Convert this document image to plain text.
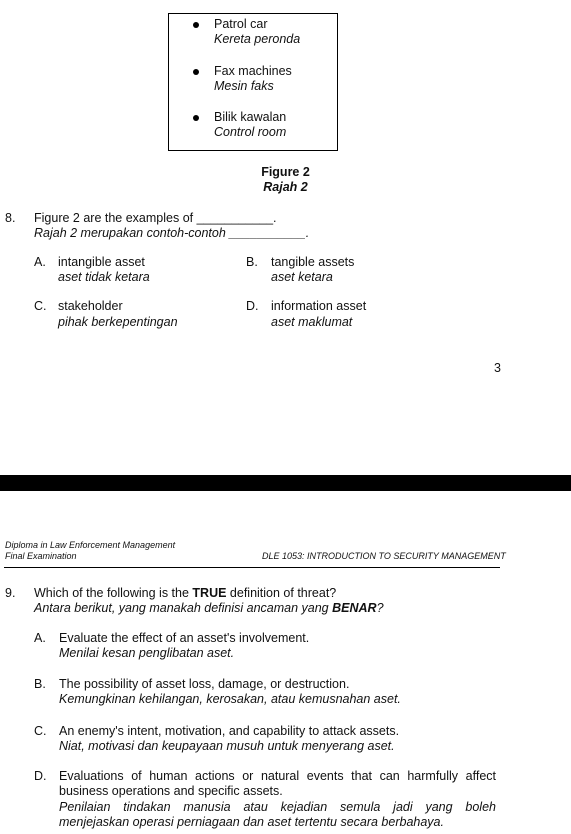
Patrol car
Kereta peronda
Fax machines
Mesin faks
Bilik kawalan
Control room
Figure 2
Rajah 2
8. Figure 2 are the examples of ___________.
Rajah 2 merupakan contoh-contoh ___________.
A. intangible asset
aset tidak ketara
B. tangible assets
aset ketara
C. stakeholder
pihak berkepentingan
D. information asset
aset maklumat
3
Diploma in Law Enforcement Management
Final Examination	DLE 1053: INTRODUCTION TO SECURITY MANAGEMENT
9. Which of the following is the TRUE definition of threat?
Antara berikut, yang manakah definisi ancaman yang BENAR?
A. Evaluate the effect of an asset's involvement.
Menilai kesan penglibatan aset.
B. The possibility of asset loss, damage, or destruction.
Kemungkinan kehilangan, kerosakan, atau kemusnahan aset.
C. An enemy's intent, motivation, and capability to attack assets.
Niat, motivasi dan keupayaan musuh untuk menyerang aset.
D. Evaluations of human actions or natural events that can harmfully affect
business operations and specific assets.
Penilaian tindakan manusia atau kejadian semula jadi yang boleh
menjejaskan operasi perniagaan dan aset tertentu secara berbahaya.
